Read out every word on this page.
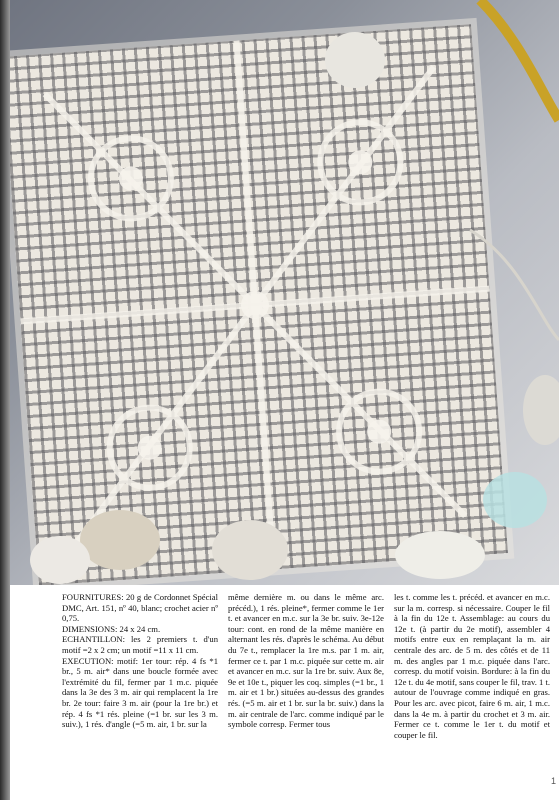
FOURNITURES: 20 g de Cordonnet Spécial DMC, Art. 151, nº 40, blanc; crochet acier nº 0,75.

DIMENSIONS: 24 x 24 cm.

ECHANTILLON: les 2 premiers t. d'un motif =2 x 2 cm; un motif =11 x 11 cm.

EXECUTION: motif: 1er tour: rép. 4 fs *1 br., 5 m. air* dans une boucle formée avec l'extrémité du fil, fermer par 1 m.c. piquée dans la 3e des 3 m. air qui remplacent la 1re br. 2e tour: faire 3 m. air (pour la 1re br.) et rép. 4 fs *1 rés. pleine (=1 br. sur les 3 m. suiv.), 1 rés. d'angle (=5 m. air, 1 br. sur la

même dernière m. ou dans le même arc. précéd.), 1 rés. pleine*, fermer comme le 1er t. et avancer en m.c. sur la 3e br. suiv. 3e-12e tour: cont. en rond de la même manière en alternant les rés. d'après le schéma. Au début du 7e t., remplacer la 1re m.s. par 1 m. air, fermer ce t. par 1 m.c. piquée sur cette m. air et avancer en m.c. sur la 1re br. suiv. Aux 8e, 9e et 10e t., piquer les coq. simples (=1 br., 1 m. air et 1 br.) situées au-dessus des grandes rés. (=5 m. air et 1 br. sur la br. suiv.) dans la m. air centrale de l'arc. comme indiqué par le symbole corresp. Fermer tous

les t. comme les t. précéd. et avancer en m.c. sur la m. corresp. si nécessaire. Couper le fil à la fin du 12e t. Assemblage: au cours du 12e t. (à partir du 2e motif), assembler 4 motifs entre eux en remplaçant la m. air centrale des arc. de 5 m. des côtés et de 11 m. des angles par 1 m.c. piquée dans l'arc. corresp. du motif voisin. Bordure: à la fin du 12e t. du 4e motif, sans couper le fil, trav. 1 t. autour de l'ouvrage comme indiqué en gras. Pour les arc. avec picot, faire 6 m. air, 1 m.c. dans la 4e m. à partir du crochet et 3 m. air. Fermer ce t. comme le 1er t. du motif et couper le fil.

1
